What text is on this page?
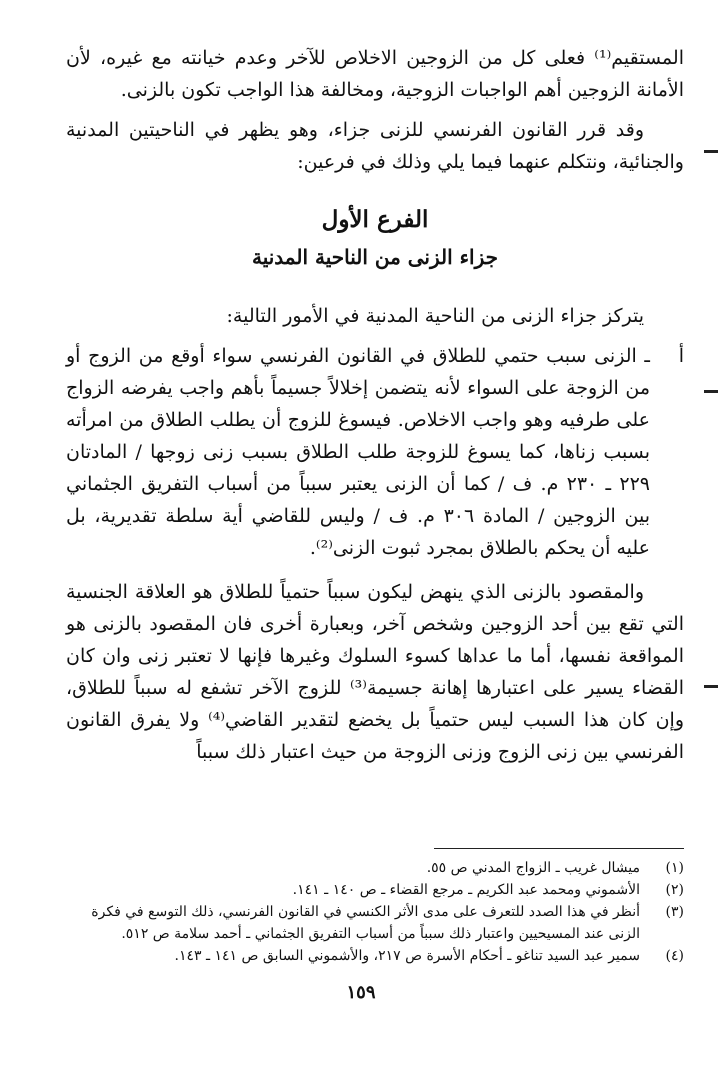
المستقيم⁽¹⁾ فعلى كل من الزوجين الاخلاص للآخر وعدم خيانته مع غيره، لأن الأمانة الزوجين أهم الواجبات الزوجية، ومخالفة هذا الواجب تكون بالزنى.

وقد قرر القانون الفرنسي للزنى جزاء، وهو يظهر في الناحيتين المدنية والجنائية، ونتكلم عنهما فيما يلي وذلك في فرعين:

الفرع الأول
جزاء الزنى من الناحية المدنية

يتركز جزاء الزنى من الناحية المدنية في الأمور التالية:

أ
ـ الزنى سبب حتمي للطلاق في القانون الفرنسي سواء أوقع من الزوج أو من الزوجة على السواء لأنه يتضمن إخلالاً جسيماً بأهم واجب يفرضه الزواج على طرفيه وهو واجب الاخلاص. فيسوغ للزوج أن يطلب الطلاق من امرأته بسبب زناها، كما يسوغ للزوجة طلب الطلاق بسبب زنى زوجها / المادتان ٢٢٩ ـ ٢٣٠ م. ف / كما أن الزنى يعتبر سبباً من أسباب التفريق الجثماني بين الزوجين / المادة ٣٠٦ م. ف / وليس للقاضي أية سلطة تقديرية، بل عليه أن يحكم بالطلاق بمجرد ثبوت الزنى⁽²⁾.

والمقصود بالزنى الذي ينهض ليكون سبباً حتمياً للطلاق هو العلاقة الجنسية التي تقع بين أحد الزوجين وشخص آخر، وبعبارة أخرى فان المقصود بالزنى هو المواقعة نفسها، أما ما عداها كسوء السلوك وغيرها فإنها لا تعتبر زنى وان كان القضاء يسير على اعتبارها إهانة جسيمة⁽³⁾ للزوج الآخر تشفع له سبباً للطلاق، وإن كان هذا السبب ليس حتمياً بل يخضع لتقدير القاضي⁽⁴⁾ ولا يفرق القانون الفرنسي بين زنى الزوج وزنى الزوجة من حيث اعتبار ذلك سبباً

(١)
ميشال غريب ـ الزواج المدني ص ٥٥.
(٢)
الأشموني ومحمد عبد الكريم ـ مرجع القضاء ـ ص ١٤٠ ـ ١٤١.
(٣)
أنظر في هذا الصدد للتعرف على مدى الأثر الكنسي في القانون الفرنسي، ذلك التوسع في فكرة الزنى عند المسيحيين واعتبار ذلك سبباً من أسباب التفريق الجثماني ـ أحمد سلامة ص ٥١٢.
(٤)
سمير عبد السيد تناغو ـ أحكام الأسرة ص ٢١٧، والأشموني السابق ص ١٤١ ـ ١٤٣.
١٥٩
